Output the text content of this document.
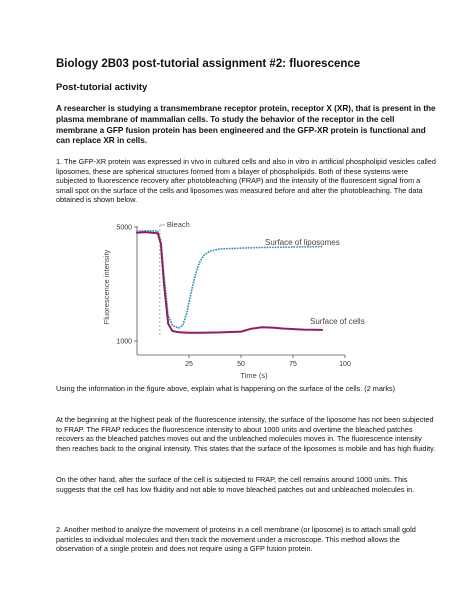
Biology 2B03 post-tutorial assignment #2: fluorescence
Post-tutorial activity
A researcher is studying a transmembrane receptor protein, receptor X (XR), that is present in the plasma membrane of mammalian cells. To study the behavior of the receptor in the cell membrane a GFP fusion protein has been engineered and the GFP-XR protein is functional and can replace XR in cells.
1. The GFP-XR protein was expressed in vivo in cultured cells and also in vitro in artificial phospholipid vesicles called liposomes, these are spherical structures formed from a bilayer of phospholipids. Both of these systems were subjected to fluorescence recovery after photobleaching (FRAP) and the intensity of the fluorescent signal from a small spot on the surface of the cells and liposomes was measured before and after the photobleaching. The data obtained is shown below.
25	50	75	100
1000
5000	Bleach
Surface of liposomes
Surface of cells
Time (s)
Fluorescence intensity
Using the information in the figure above, explain what is happening on the surface of the cells. (2 marks)
At the beginning at the highest peak of the fluorescence intensity, the surface of the liposome has not been subjected to FRAP. The FRAP reduces the fluorescence intensity to about 1000 units and overtime the bleached patches recovers as the bleached patches moves out and the unbleached molecules moves in. The fluorescence intensity then reaches back to the original intensity. This states that the surface of the liposomes is mobile and has high fluidity.
On the other hand, after the surface of the cell is subjected to FRAP, the cell remains around 1000 units. This suggests that the cell has low fluidity and not able to move bleached patches out and unbleached molecules in.
2. Another method to analyze the movement of proteins in a cell membrane (or liposome) is to attach small gold particles to individual molecules and then track the movement under a microscope. This method allows the observation of a single protein and does not require using a GFP fusion protein.
